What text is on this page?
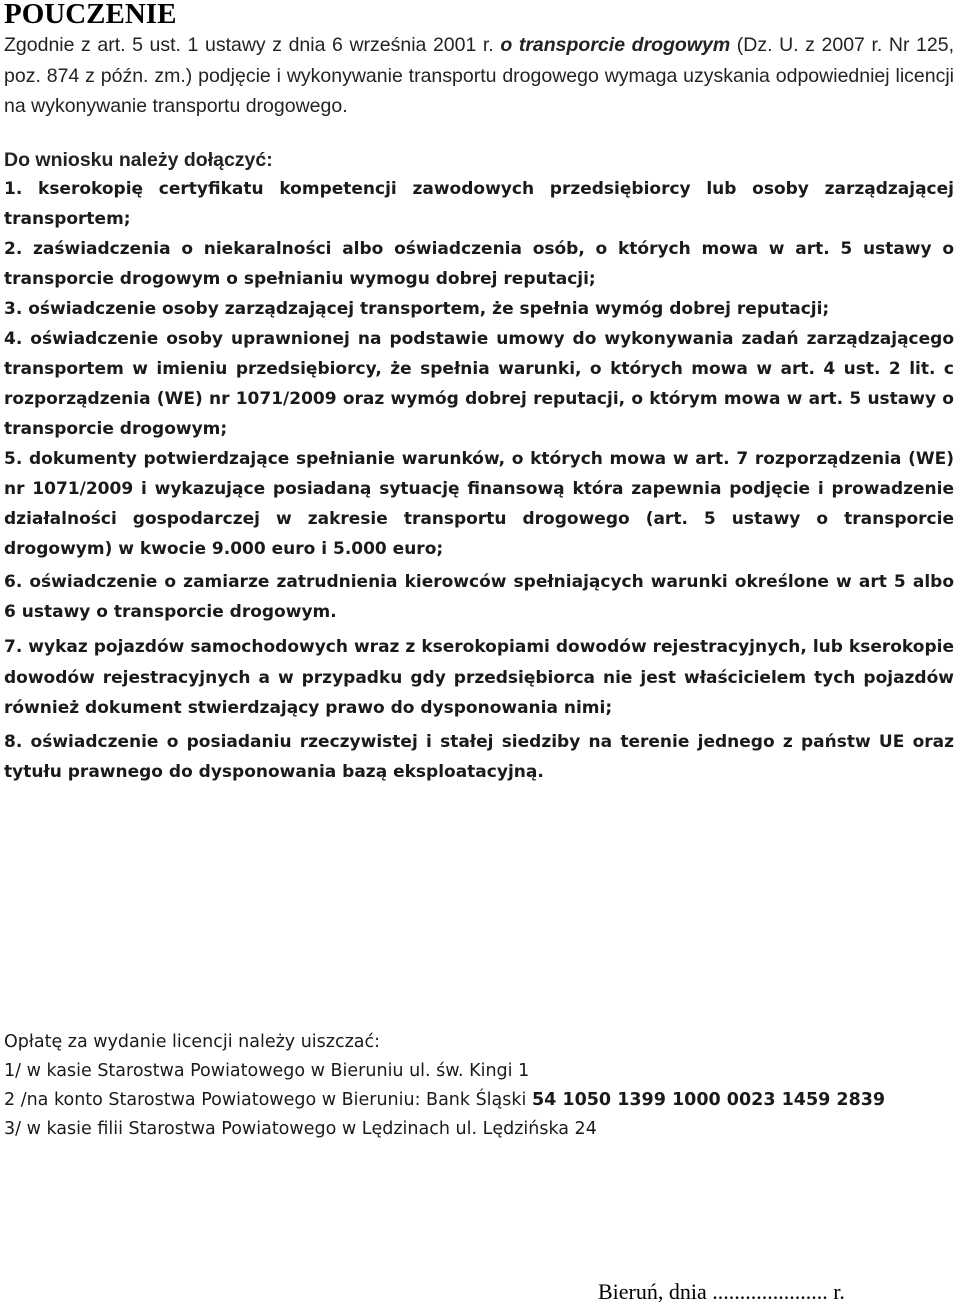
POUCZENIE

Zgodnie z art. 5 ust. 1 ustawy z dnia 6 września 2001 r. o transporcie drogowym (Dz. U. z 2007 r. Nr 125, poz. 874 z późn. zm.) podjęcie i wykonywanie transportu drogowego wymaga uzyskania odpowiedniej licencji na wykonywanie transportu drogowego.

Do wniosku należy dołączyć:
1. kserokopię certyfikatu kompetencji zawodowych przedsiębiorcy lub osoby zarządzającej transportem;
2. zaświadczenia o niekaralności albo oświadczenia osób, o których mowa w art. 5 ustawy o transporcie drogowym o spełnianiu wymogu dobrej reputacji;
3. oświadczenie osoby zarządzającej transportem, że spełnia wymóg dobrej reputacji;
4. oświadczenie osoby uprawnionej na podstawie umowy do wykonywania zadań zarządzającego transportem w imieniu przedsiębiorcy, że spełnia warunki, o których mowa w art. 4 ust. 2 lit. c rozporządzenia (WE) nr 1071/2009 oraz wymóg dobrej reputacji, o którym mowa w art. 5 ustawy o transporcie drogowym;
5. dokumenty potwierdzające spełnianie warunków, o których mowa w art. 7 rozporządzenia (WE) nr 1071/2009 i wykazujące posiadaną sytuację finansową która zapewnia podjęcie i prowadzenie działalności gospodarczej w zakresie transportu drogowego (art. 5 ustawy o transporcie drogowym) w kwocie 9.000 euro i 5.000 euro;
6. oświadczenie o zamiarze zatrudnienia kierowców spełniających warunki określone w art 5 albo 6 ustawy o transporcie drogowym.
7. wykaz pojazdów samochodowych wraz z kserokopiami dowodów rejestracyjnych, lub kserokopie dowodów rejestracyjnych a w przypadku gdy przedsiębiorca nie jest właścicielem tych pojazdów również dokument stwierdzający prawo do dysponowania nimi;
8. oświadczenie o posiadaniu rzeczywistej i stałej siedziby na terenie jednego z państw UE oraz tytułu prawnego do dysponowania bazą eksploatacyjną.

Opłatę za wydanie licencji należy uiszczać:

1/ w kasie Starostwa Powiatowego w Bieruniu ul. św. Kingi 1

2 /na konto Starostwa Powiatowego w Bieruniu: Bank Śląski 54 1050 1399 1000 0023 1459 2839

3/ w kasie filii Starostwa Powiatowego w Lędzinach ul. Lędzińska 24

Bieruń, dnia ..................... r.
